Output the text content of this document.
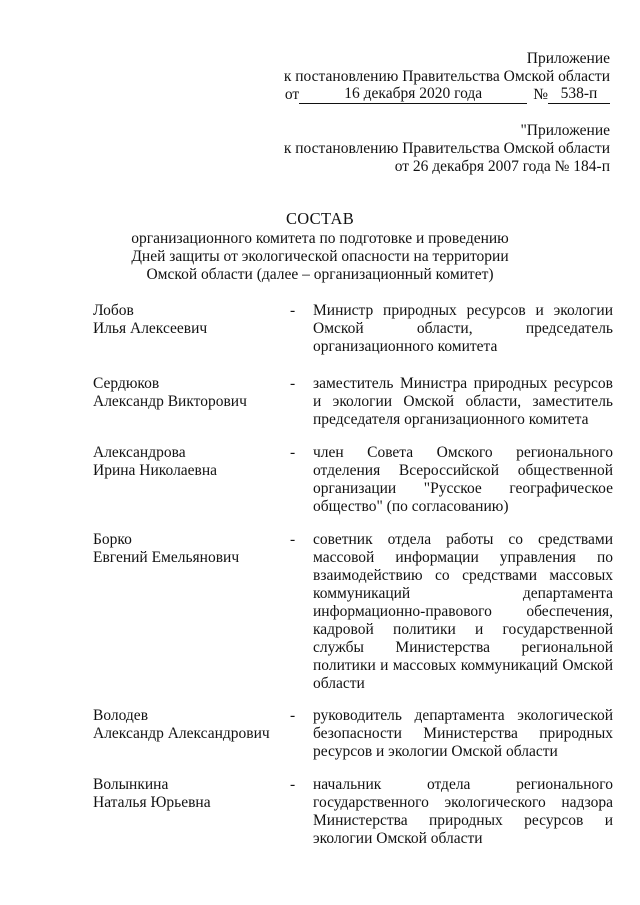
Приложение
к постановлению Правительства Омской области
от	16 декабря 2020 года	№ 538-п
"Приложение
к постановлению Правительства Омской области
от 26 декабря 2007 года № 184-п
СОСТАВ
организационного комитета по подготовке и проведению
Дней защиты от экологической опасности на территории
Омской области (далее – организационный комитет)
Лобов
Илья Алексеевич
-	Министр природных ресурсов и экологии Омской области, председатель организационного комитета
Сердюков
Александр Викторович
-	заместитель Министра природных ресурсов и экологии Омской области, заместитель председателя организационного комитета
Александрова
Ирина Николаевна
-	член Совета Омского регионального отделения Всероссийской общественной организации "Русское географическое общество" (по согласованию)
Борко
Евгений Емельянович
-	советник отдела работы со средствами массовой информации управления по взаимодействию со средствами массовых коммуникаций департамента информационно-правового обеспечения, кадровой политики и государственной службы Министерства региональной политики и массовых коммуникаций Омской области
Володев
Александр Александрович
-	руководитель департамента экологической безопасности Министерства природных ресурсов и экологии Омской области
Волынкина
Наталья Юрьевна
-	начальник отдела регионального государственного экологического надзора Министерства природных ресурсов и экологии Омской области
